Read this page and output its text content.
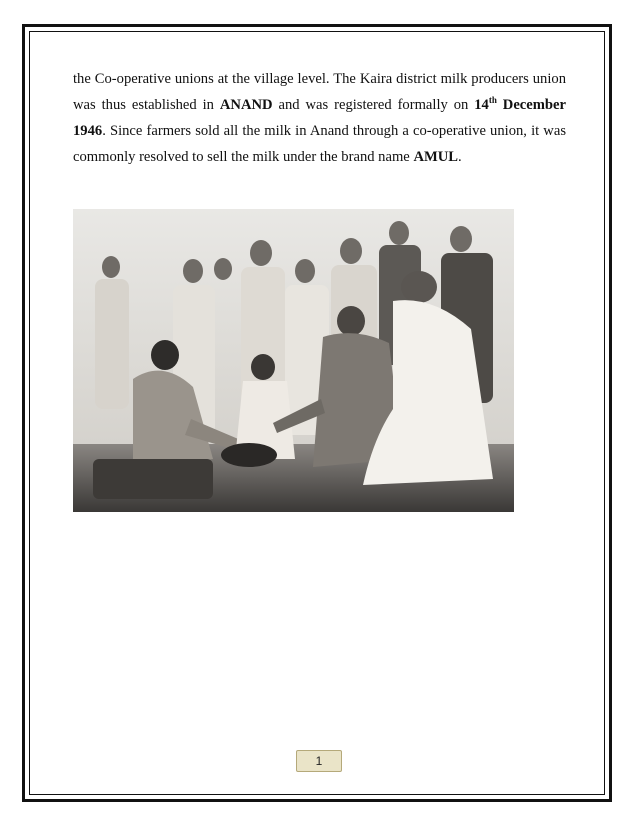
the Co-operative unions at the village level. The Kaira district milk producers union was thus established in ANAND and was registered formally on 14th December 1946. Since farmers sold all the milk in Anand through a co-operative union, it was commonly resolved to sell the milk under the brand name AMUL.

1
